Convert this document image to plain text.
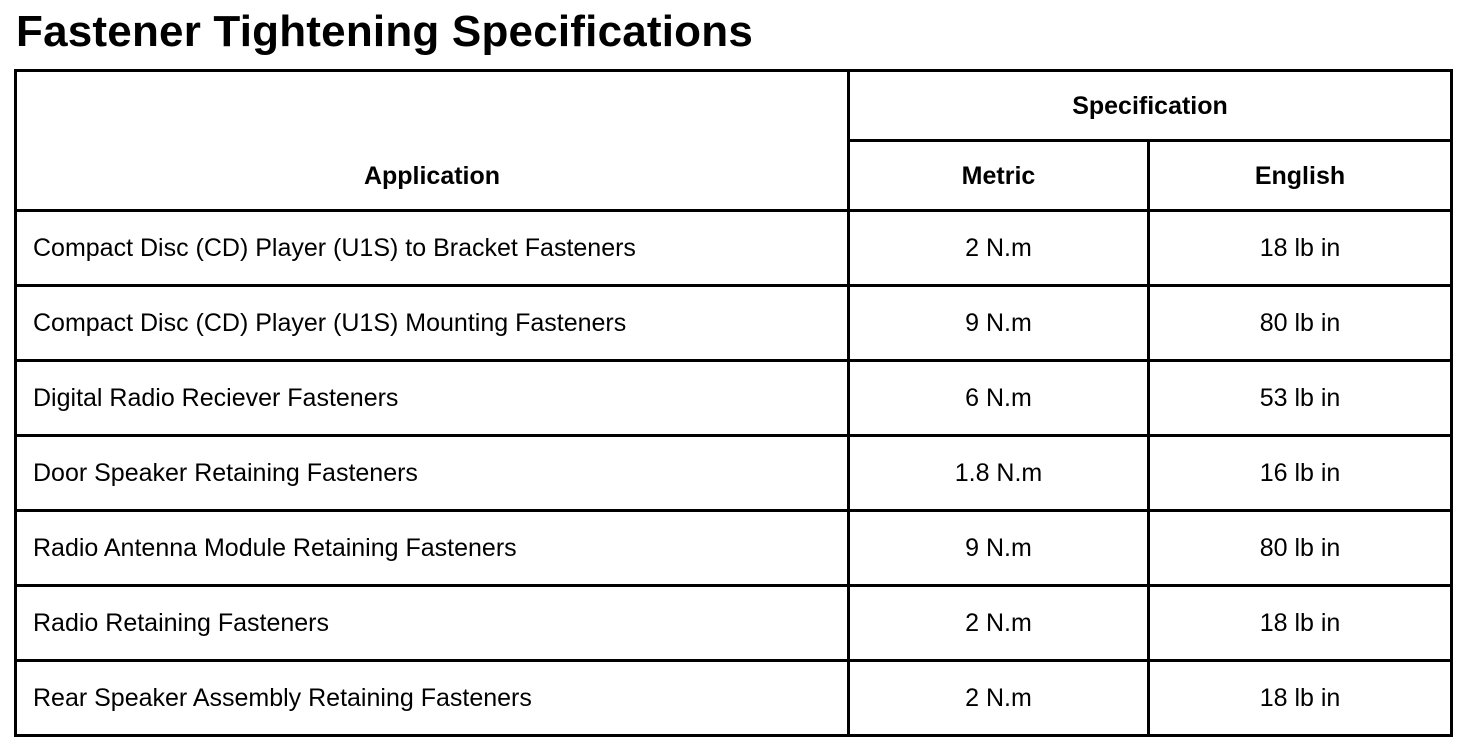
Fastener Tightening Specifications
Application	Specification	
	Metric	English
Compact Disc (CD) Player (U1S) to Bracket Fasteners	2 N.m	18 lb in
Compact Disc (CD) Player (U1S) Mounting Fasteners	9 N.m	80 lb in
Digital Radio Reciever Fasteners	6 N.m	53 lb in
Door Speaker Retaining Fasteners	1.8 N.m	16 lb in
Radio Antenna Module Retaining Fasteners	9 N.m	80 lb in
Radio Retaining Fasteners	2 N.m	18 lb in
Rear Speaker Assembly Retaining Fasteners	2 N.m	18 lb in
